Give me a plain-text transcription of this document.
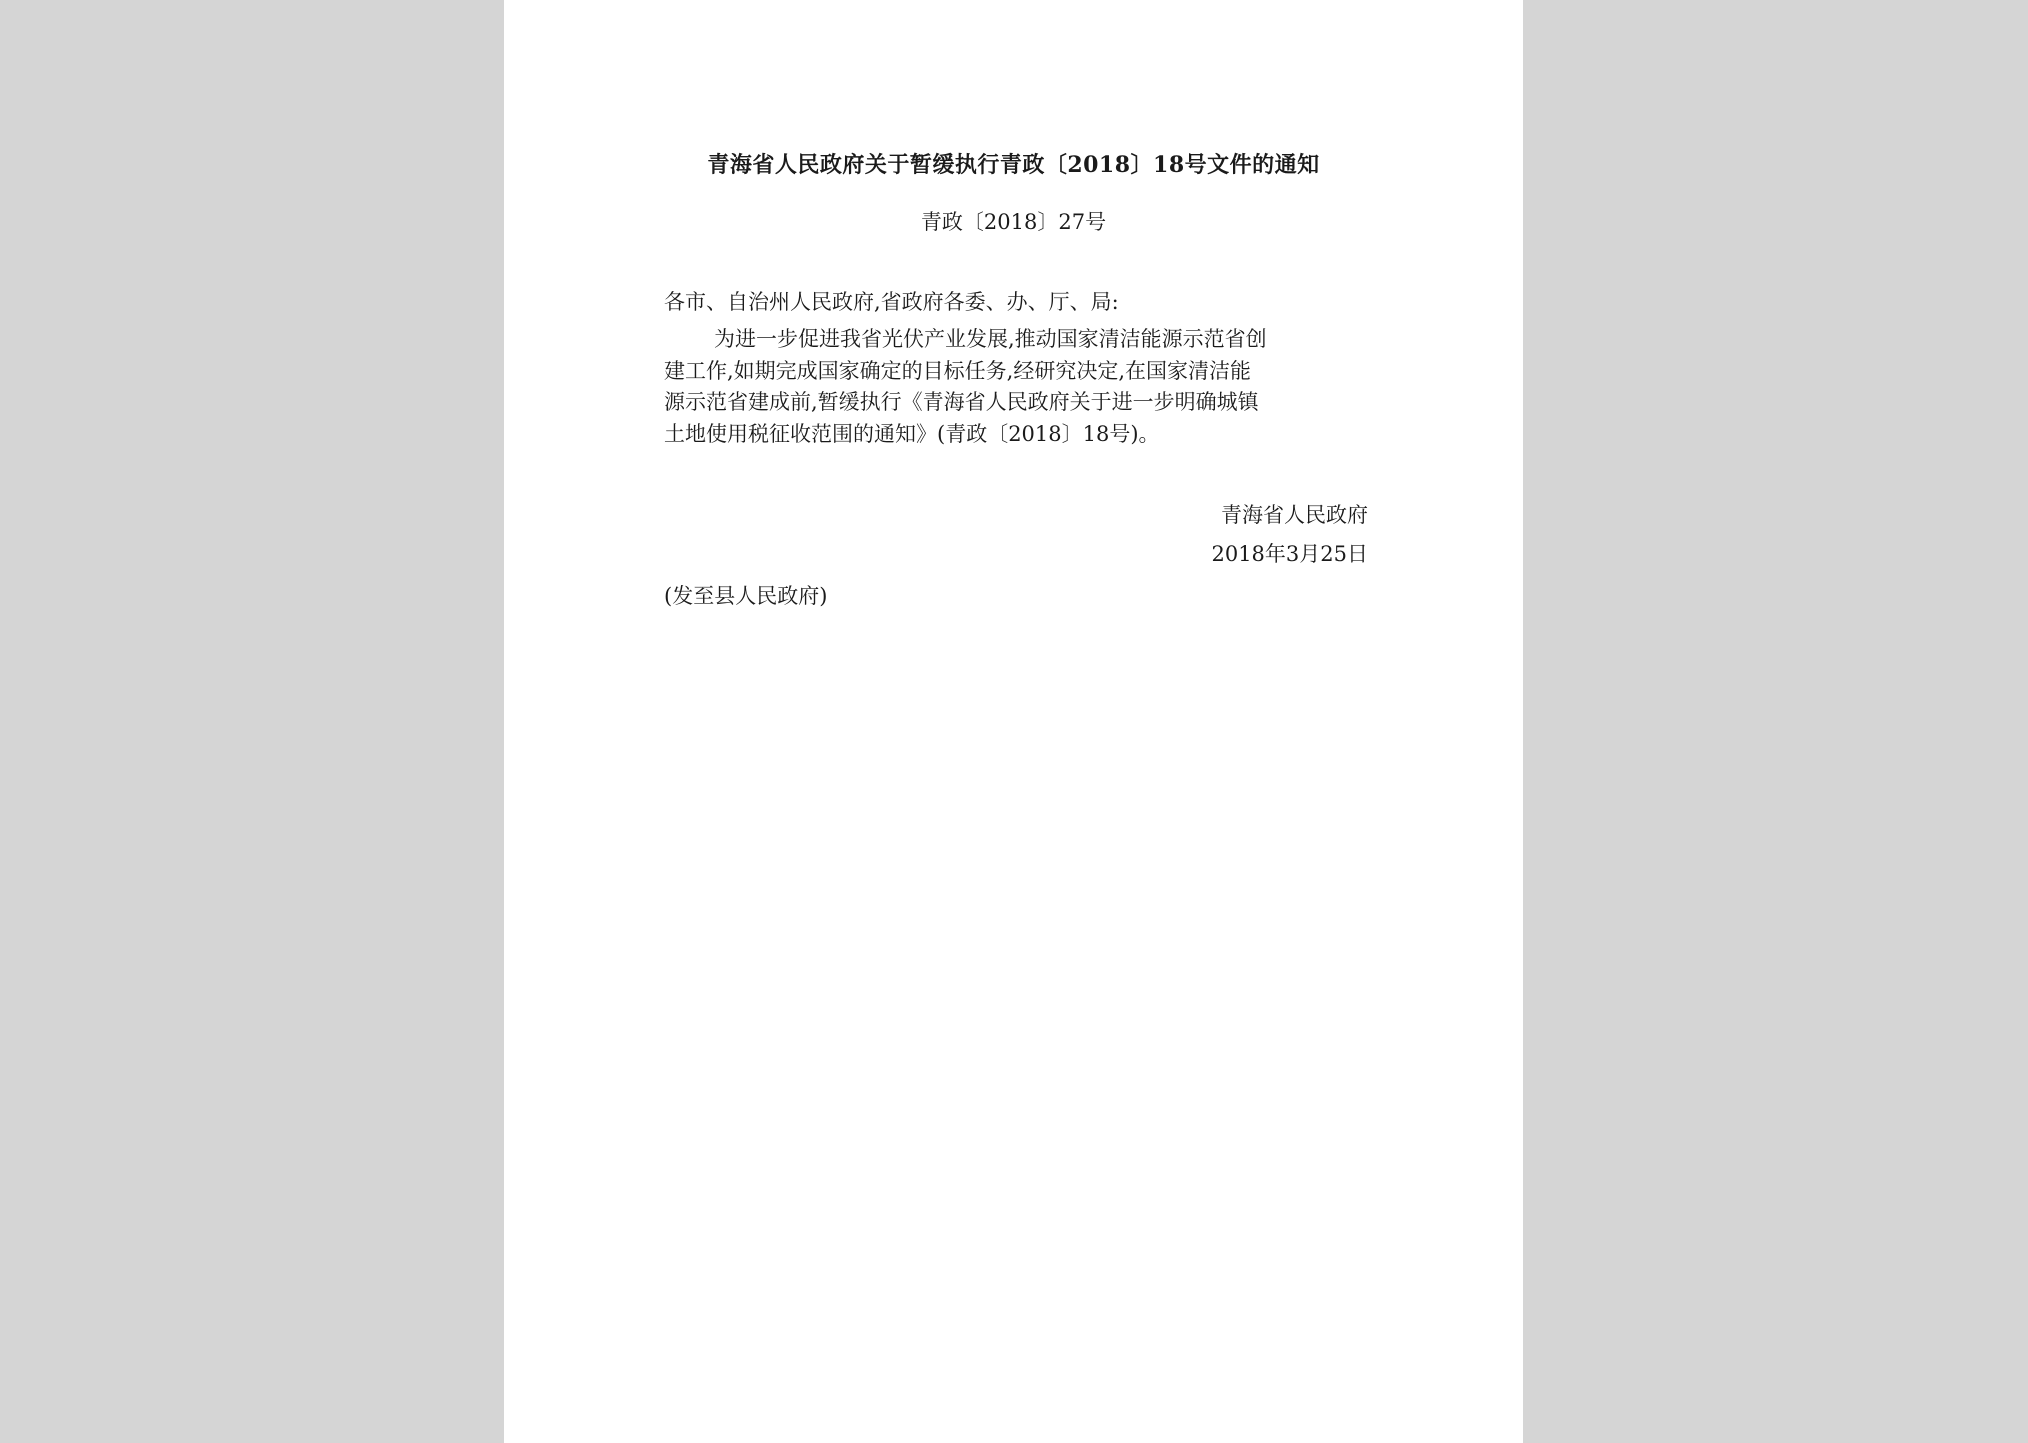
青海省人民政府关于暂缓执行青政〔2018〕18号文件的通知
青政〔2018〕27号
各市、自治州人民政府,省政府各委、办、厅、局:
为进一步促进我省光伏产业发展,推动国家清洁能源示范省创
建工作,如期完成国家确定的目标任务,经研究决定,在国家清洁能
源示范省建成前,暂缓执行《青海省人民政府关于进一步明确城镇
土地使用税征收范围的通知》(青政〔2018〕18号)。
青海省人民政府
2018年3月25日
(发至县人民政府)
